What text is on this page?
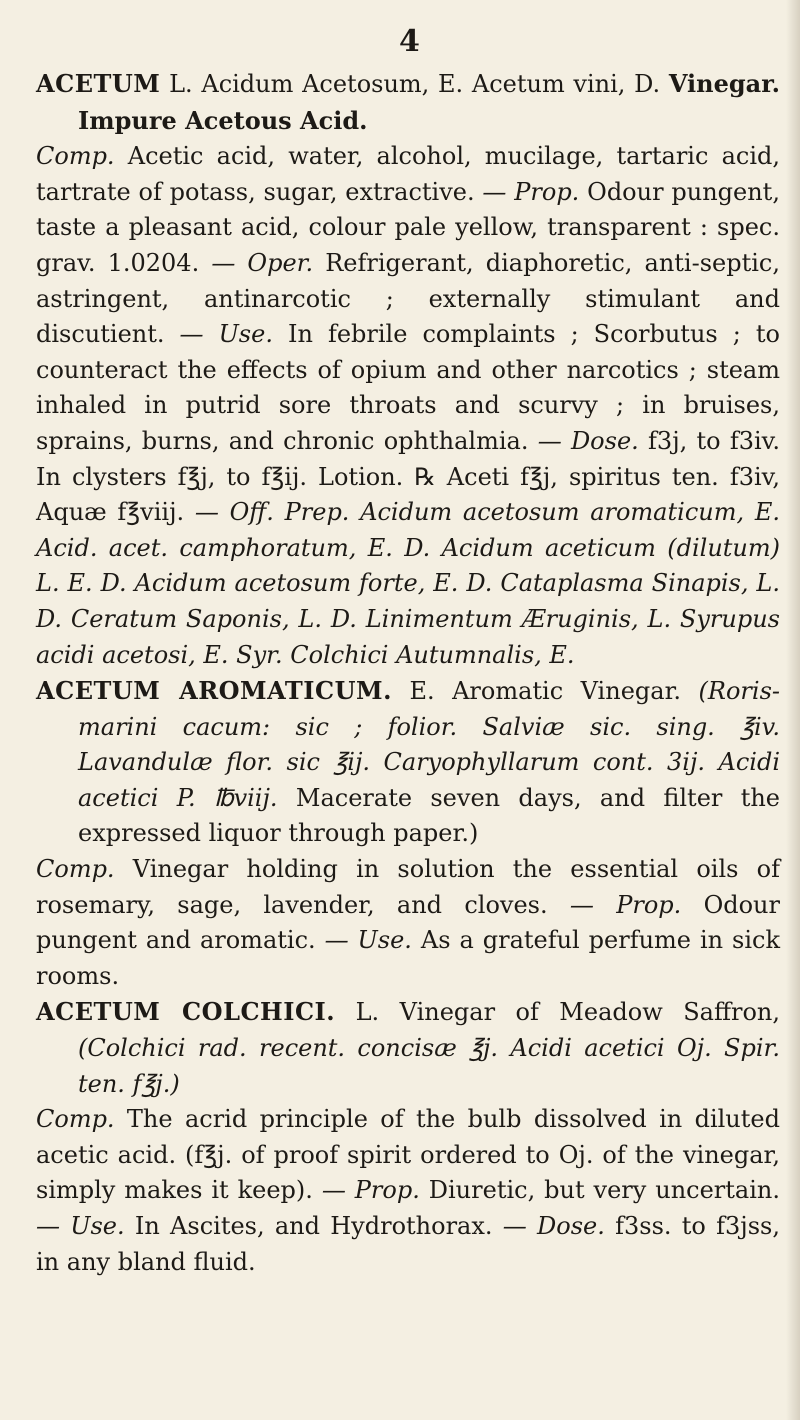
4

ACETUM L. Acidum Acetosum, E. Acetum vini, D. Vinegar. Impure Acetous Acid.

Comp. Acetic acid, water, alcohol, mucilage, tartaric acid, tartrate of potass, sugar, extractive. — Prop. Odour pungent, taste a pleasant acid, colour pale yellow, transparent : spec. grav. 1.0204. — Oper. Refrigerant, diaphoretic, anti-septic, astringent, antinarcotic ; externally stimulant and discutient. — Use. In febrile complaints ; Scorbutus ; to counteract the effects of opium and other narcotics ; steam inhaled in putrid sore throats and scurvy ; in bruises, sprains, burns, and chronic ophthalmia. — Dose. f3j, to f3iv. In clysters f℥j, to f℥ij. Lotion. ℞ Aceti f℥j, spiritus ten. f3iv, Aquæ f℥viij. — Off. Prep. Acidum acetosum aromaticum, E. Acid. acet. camphoratum, E. D. Acidum aceticum (dilutum) L. E. D. Acidum acetosum forte, E. D. Cataplasma Sinapis, L. D. Ceratum Saponis, L. D. Linimentum Æruginis, L. Syrupus acidi acetosi, E. Syr. Colchici Autumnalis, E.

ACETUM AROMATICUM. E. Aromatic Vinegar. (Roris-marini cacum: sic ; folior. Salviæ sic. sing. ℥iv. Lavandulæ flor. sic ℥ij. Caryophyllarum cont. 3ij. Acidi acetici P. ℔viij. Macerate seven days, and filter the expressed liquor through paper.)

Comp. Vinegar holding in solution the essential oils of rosemary, sage, lavender, and cloves. — Prop. Odour pungent and aromatic. — Use. As a grateful perfume in sick rooms.

ACETUM COLCHICI. L. Vinegar of Meadow Saffron, (Colchici rad. recent. concisæ ℥j. Acidi acetici Oj. Spir. ten. f℥j.)

Comp. The acrid principle of the bulb dissolved in diluted acetic acid. (f℥j. of proof spirit ordered to Oj. of the vinegar, simply makes it keep). — Prop. Diuretic, but very uncertain. — Use. In Ascites, and Hydrothorax. — Dose. f3ss. to f3jss, in any bland fluid.
